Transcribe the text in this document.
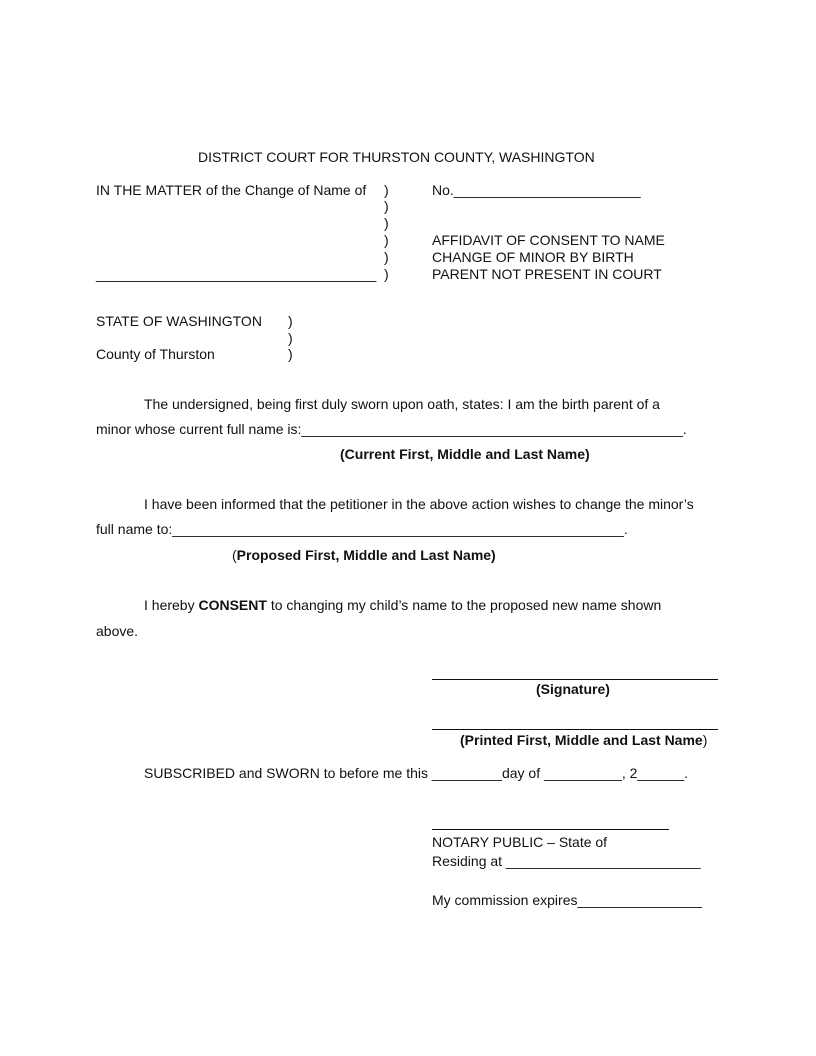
DISTRICT COURT FOR THURSTON COUNTY, WASHINGTON
IN THE MATTER of the Change of Name of )
)
)
)
)
____________________________________ )
No.________________________
AFFIDAVIT OF CONSENT TO NAME
CHANGE OF MINOR BY BIRTH
PARENT NOT PRESENT IN COURT
STATE OF WASHINGTON )
)
County of Thurston	)
The undersigned, being first duly sworn upon oath, states: I am the birth parent of a
minor whose current full name is:_________________________________________________.
(Current First, Middle and Last Name)
I have been informed that the petitioner in the above action wishes to change the minor’s
full name to:__________________________________________________________.
(Proposed First, Middle and Last Name)
I hereby CONSENT to changing my child’s name to the proposed new name shown
above.
(Signature)
(Printed First, Middle and Last Name)
SUBSCRIBED and SWORN to before me this _________day of __________, 2______.
NOTARY PUBLIC – State of
Residing at _________________________
My commission expires________________
